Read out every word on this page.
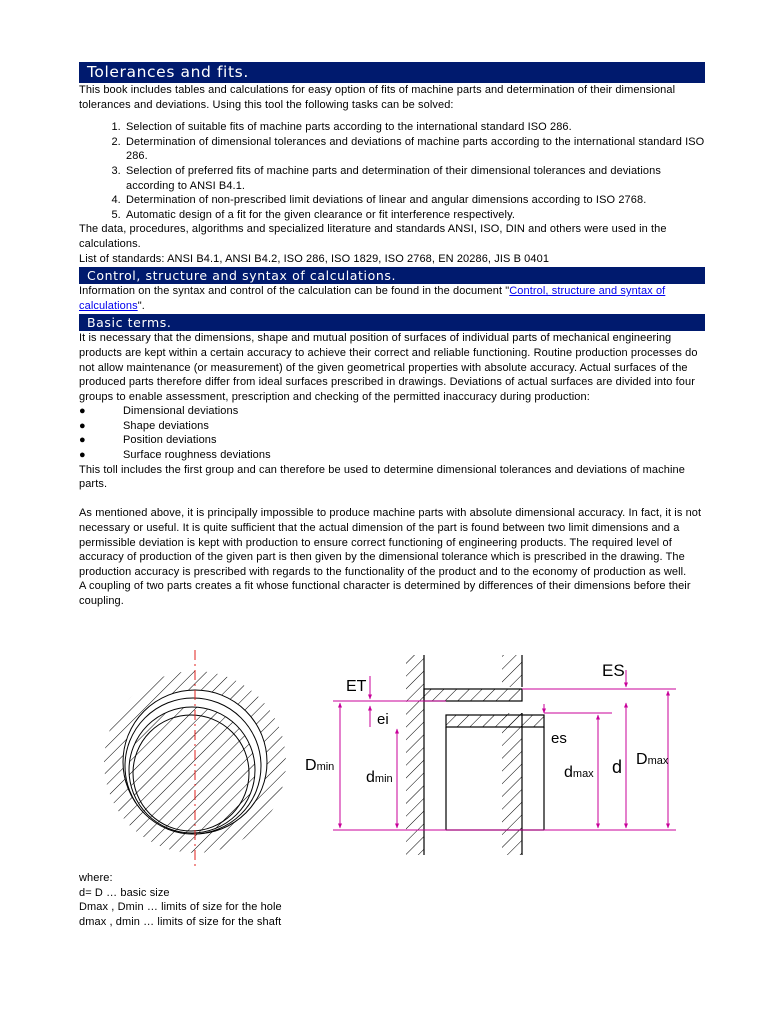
Tolerances and fits.

This book includes tables and calculations for easy option of fits of machine parts and determination of their dimensional tolerances and deviations. Using this tool the following tasks can be solved:

1. Selection of suitable fits of machine parts according to the international standard ISO 286.
2. Determination of dimensional tolerances and deviations of machine parts according to the international standard ISO 286.
3. Selection of preferred fits of machine parts and determination of their dimensional tolerances and deviations according to ANSI B4.1.
4. Determination of non-prescribed limit deviations of linear and angular dimensions according to ISO 2768.
5. Automatic design of a fit for the given clearance or fit interference respectively.

The data, procedures, algorithms and specialized literature and standards ANSI, ISO, DIN and others were used in the calculations.

List of standards: ANSI B4.1, ANSI B4.2, ISO 286, ISO 1829, ISO 2768, EN 20286, JIS B 0401

Control, structure and syntax of calculations.

Information on the syntax and control of the calculation can be found in the document "Control, structure and syntax of calculations".

Basic terms.

It is necessary that the dimensions, shape and mutual position of surfaces of individual parts of mechanical engineering products are kept within a certain accuracy to achieve their correct and reliable functioning. Routine production processes do not allow maintenance (or measurement) of the given geometrical properties with absolute accuracy. Actual surfaces of the produced parts therefore differ from ideal surfaces prescribed in drawings. Deviations of actual surfaces are divided into four groups to enable assessment, prescription and checking of the permitted inaccuracy during production:

●	Dimensional deviations
●	Shape deviations
●	Position deviations
●	Surface roughness deviations

This toll includes the first group and can therefore be used to determine dimensional tolerances and deviations of machine parts.

As mentioned above, it is principally impossible to produce machine parts with absolute dimensional accuracy. In fact, it is not necessary or useful. It is quite sufficient that the actual dimension of the part is found between two limit dimensions and a permissible deviation is kept with production to ensure correct functioning of engineering products. The required level of accuracy of production of the given part is then given by the dimensional tolerance which is prescribed in the drawing. The production accuracy is prescribed with regards to the functionality of the product and to the economy of production as well.

A coupling of two parts creates a fit whose functional character is determined by differences of their dimensions before their coupling.

ET
ES
ei
es
Dmin
dmin	dmax d Dmax

where:

d= D … basic size

Dmax , Dmin … limits of size for the hole

dmax , dmin … limits of size for the shaft
